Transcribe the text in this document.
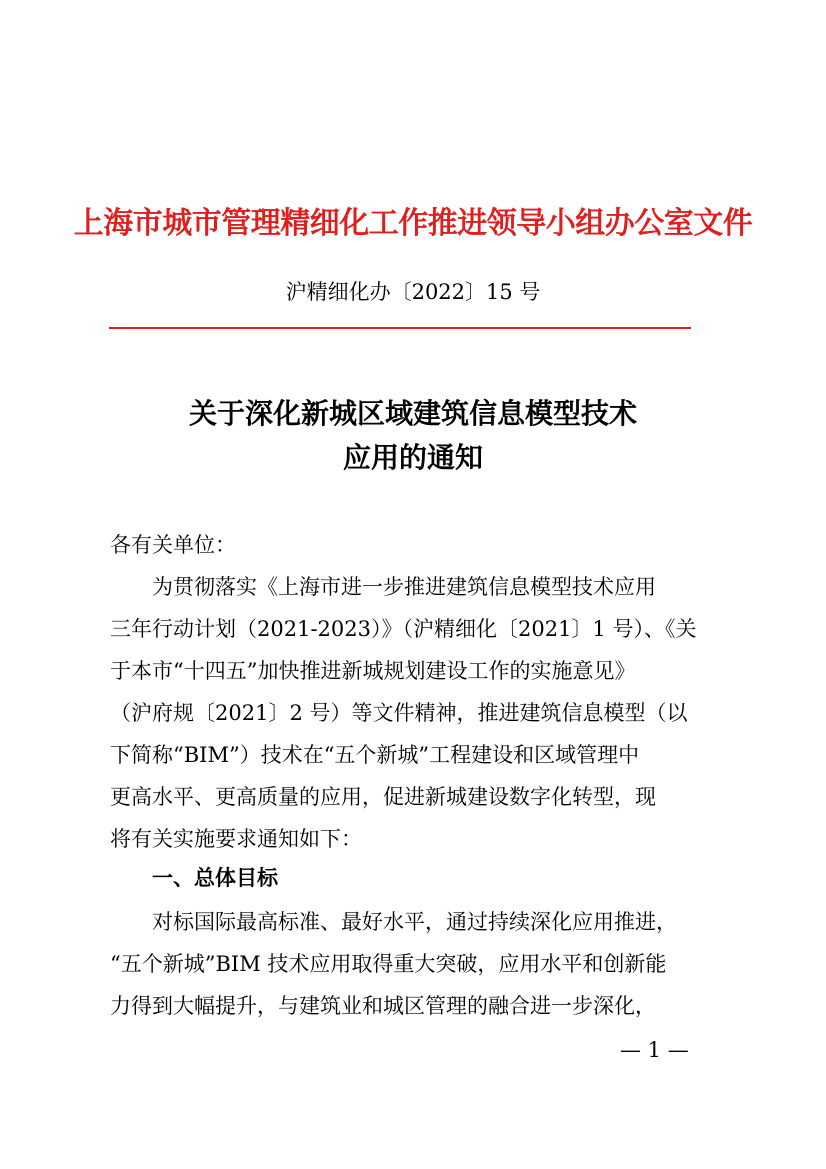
上海市城市管理精细化工作推进领导小组办公室文件
沪精细化办〔2022〕15 号
关于深化新城区域建筑信息模型技术
应用的通知
各有关单位：
为贯彻落实《上海市进一步推进建筑信息模型技术应用
三年行动计划（2021-2023）》（沪精细化〔2021〕1 号）、《关
于本市“十四五”加快推进新城规划建设工作的实施意见》
（沪府规〔2021〕2 号）等文件精神，推进建筑信息模型（以
下简称“BIM”）技术在“五个新城”工程建设和区域管理中
更高水平、更高质量的应用，促进新城建设数字化转型，现
将有关实施要求通知如下：
一、总体目标
对标国际最高标准、最好水平，通过持续深化应用推进，
“五个新城”BIM 技术应用取得重大突破，应用水平和创新能
力得到大幅提升，与建筑业和城区管理的融合进一步深化，
— 1 —
